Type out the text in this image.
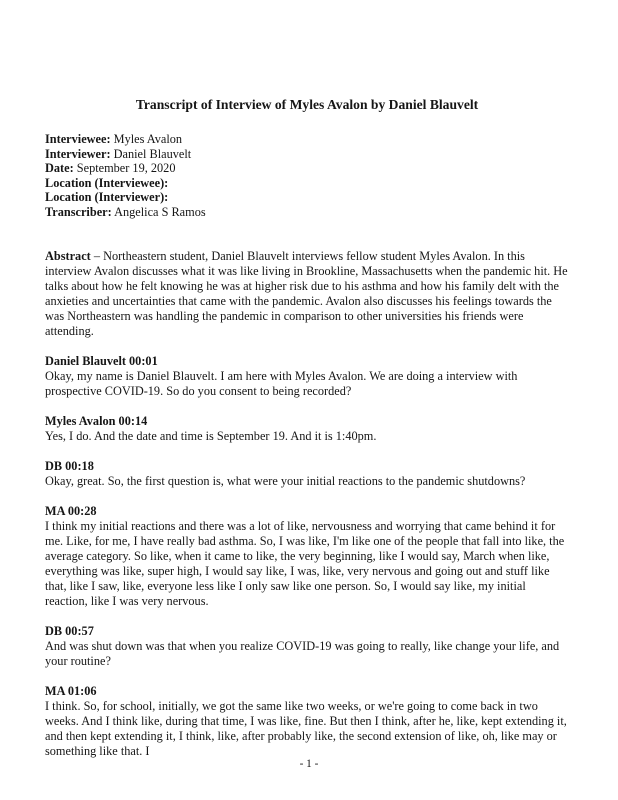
Transcript of Interview of Myles Avalon by Daniel Blauvelt
Interviewee: Myles Avalon
Interviewer: Daniel Blauvelt
Date: September 19, 2020
Location (Interviewee):
Location (Interviewer):
Transcriber: Angelica S Ramos

Abstract – Northeastern student, Daniel Blauvelt interviews fellow student Myles Avalon. In this interview Avalon discusses what it was like living in Brookline, Massachusetts when the pandemic hit. He talks about how he felt knowing he was at higher risk due to his asthma and how his family delt with the anxieties and uncertainties that came with the pandemic. Avalon also discusses his feelings towards the was Northeastern was handling the pandemic in comparison to other universities his friends were attending.

Daniel Blauvelt 00:01

Okay, my name is Daniel Blauvelt. I am here with Myles Avalon. We are doing a interview with prospective COVID-19. So do you consent to being recorded?

Myles Avalon 00:14

Yes, I do. And the date and time is September 19. And it is 1:40pm.

DB 00:18

Okay, great. So, the first question is, what were your initial reactions to the pandemic shutdowns?

MA 00:28

I think my initial reactions and there was a lot of like, nervousness and worrying that came behind it for me. Like, for me, I have really bad asthma. So, I was like, I'm like one of the people that fall into like, the average category. So like, when it came to like, the very beginning, like I would say, March when like, everything was like, super high, I would say like, I was, like, very nervous and going out and stuff like that, like I saw, like, everyone less like I only saw like one person. So, I would say like, my initial reaction, like I was very nervous.

DB 00:57

And was shut down was that when you realize COVID-19 was going to really, like change your life, and your routine?

MA 01:06

I think. So, for school, initially, we got the same like two weeks, or we're going to come back in two weeks. And I think like, during that time, I was like, fine. But then I think, after he, like, kept extending it, and then kept extending it, I think, like, after probably like, the second extension of like, oh, like may or something like that. I

- 1 -
